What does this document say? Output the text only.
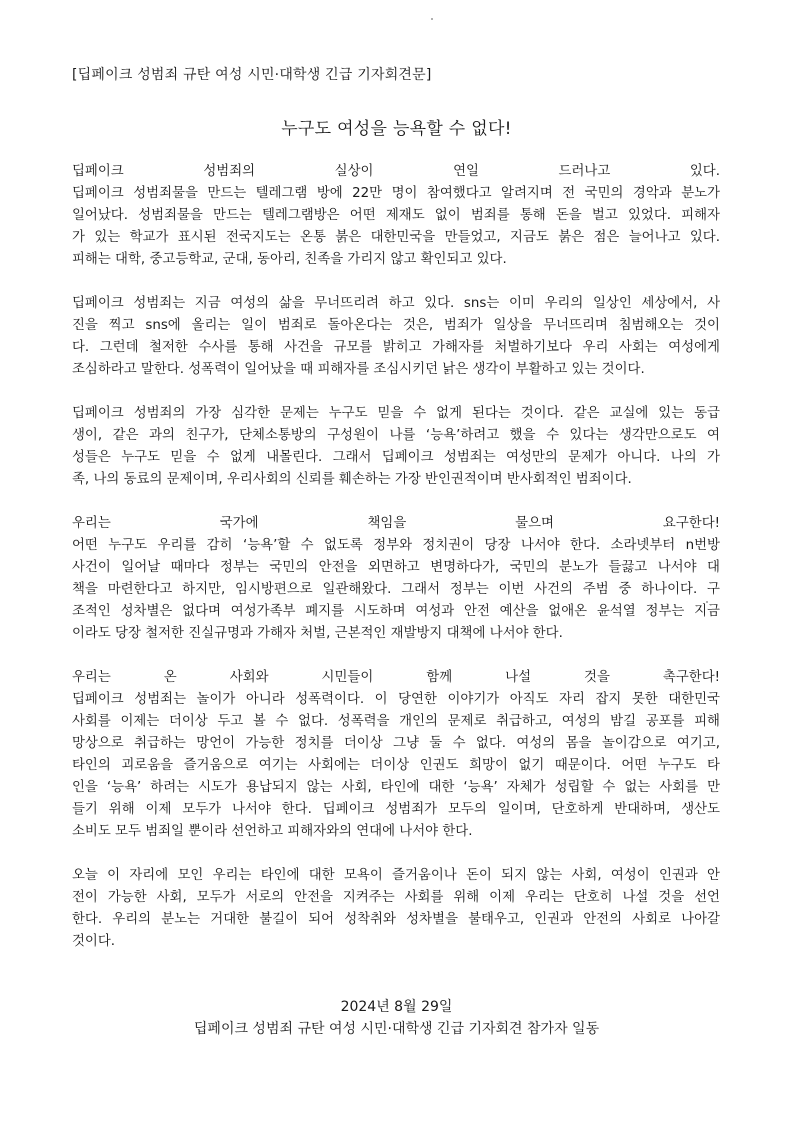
[딥페이크 성범죄 규탄 여성 시민·대학생 긴급 기자회견문]
누구도 여성을 능욕할 수 없다!

딥페이크 성범죄의 실상이 연일 드러나고 있다.
딥페이크 성범죄물을 만드는 텔레그램 방에 22만 명이 참여했다고 알려지며 전 국민의 경악과 분노가
일어났다. 성범죄물을 만드는 텔레그램방은 어떤 제재도 없이 범죄를 통해 돈을 벌고 있었다. 피해자
가 있는 학교가 표시된 전국지도는 온통 붉은 대한민국을 만들었고, 지금도 붉은 점은 늘어나고 있다.
피해는 대학, 중고등학교, 군대, 동아리, 친족을 가리지 않고 확인되고 있다.

딥페이크 성범죄는 지금 여성의 삶을 무너뜨리려 하고 있다. sns는 이미 우리의 일상인 세상에서, 사
진을 찍고 sns에 올리는 일이 범죄로 돌아온다는 것은, 범죄가 일상을 무너뜨리며 침범해오는 것이
다. 그런데 철저한 수사를 통해 사건을 규모를 밝히고 가해자를 처벌하기보다 우리 사회는 여성에게
조심하라고 말한다. 성폭력이 일어났을 때 피해자를 조심시키던 낡은 생각이 부활하고 있는 것이다.

딥페이크 성범죄의 가장 심각한 문제는 누구도 믿을 수 없게 된다는 것이다. 같은 교실에 있는 동급
생이, 같은 과의 친구가, 단체소통방의 구성원이 나를 ‘능욕’하려고 했을 수 있다는 생각만으로도 여
성들은 누구도 믿을 수 없게 내몰린다. 그래서 딥페이크 성범죄는 여성만의 문제가 아니다. 나의 가
족, 나의 동료의 문제이며, 우리사회의 신뢰를 훼손하는 가장 반인권적이며 반사회적인 범죄이다.

우리는 국가에 책임을 물으며 요구한다!
어떤 누구도 우리를 감히 ‘능욕’할 수 없도록 정부와 정치권이 당장 나서야 한다. 소라넷부터 n번방
사건이 일어날 때마다 정부는 국민의 안전을 외면하고 변명하다가, 국민의 분노가 들끓고 나서야 대
책을 마련한다고 하지만, 임시방편으로 일관해왔다. 그래서 정부는 이번 사건의 주범 중 하나이다. 구
조적인 성차별은 없다며 여성가족부 폐지를 시도하며 여성과 안전 예산을 없애온 윤석열 정부는 지금
이라도 당장 철저한 진실규명과 가해자 처벌, 근본적인 재발방지 대책에 나서야 한다.

우리는 온 사회와 시민들이 함께 나설 것을 촉구한다!
딥페이크 성범죄는 놀이가 아니라 성폭력이다. 이 당연한 이야기가 아직도 자리 잡지 못한 대한민국
사회를 이제는 더이상 두고 볼 수 없다. 성폭력을 개인의 문제로 취급하고, 여성의 밤길 공포를 피해
망상으로 취급하는 망언이 가능한 정치를 더이상 그냥 둘 수 없다. 여성의 몸을 놀이감으로 여기고,
타인의 괴로움을 즐거움으로 여기는 사회에는 더이상 인권도 희망이 없기 때문이다. 어떤 누구도 타
인을 ‘능욕’ 하려는 시도가 용납되지 않는 사회, 타인에 대한 ‘능욕’ 자체가 성립할 수 없는 사회를 만
들기 위해 이제 모두가 나서야 한다. 딥페이크 성범죄가 모두의 일이며, 단호하게 반대하며, 생산도
소비도 모두 범죄일 뿐이라 선언하고 피해자와의 연대에 나서야 한다.

오늘 이 자리에 모인 우리는 타인에 대한 모욕이 즐거움이나 돈이 되지 않는 사회, 여성이 인권과 안
전이 가능한 사회, 모두가 서로의 안전을 지켜주는 사회를 위해 이제 우리는 단호히 나설 것을 선언
한다. 우리의 분노는 거대한 불길이 되어 성착취와 성차별을 불태우고, 인권과 안전의 사회로 나아갈
것이다.

2024년 8월 29일
딥페이크 성범죄 규탄 여성 시민·대학생 긴급 기자회견 참가자 일동
